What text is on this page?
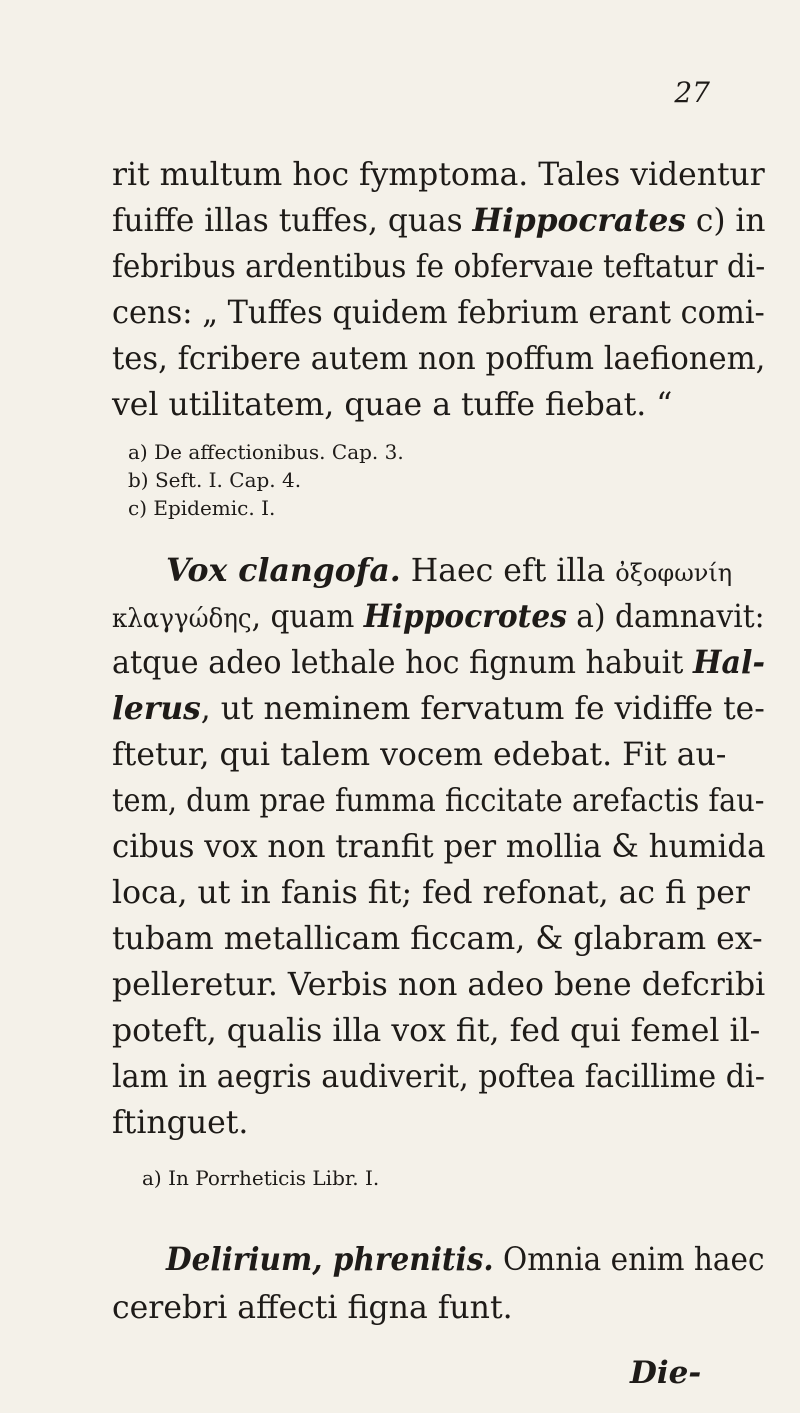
27
rit multum hoc fymptoma. Tales videntur
fuiffe illas tuffes, quas Hippocrates c) in
febribus ardentibus fe obfervaıe teftatur di-
cens: „ Tuffes quidem febrium erant comi-
tes, fcribere autem non poffum laefionem,
vel utilitatem, quae a tuffe fiebat. “
a) De affectionibus. Cap. 3.
b) Seft. I. Cap. 4.
c) Epidemic. I.
Vox clangofa. Haec eft illa ὀξοφωνίη
κλαγγώδης, quam Hippocrotes a) damnavit:
atque adeo lethale hoc fignum habuit Hal-
lerus, ut neminem fervatum fe vidiffe te-
ftetur, qui talem vocem edebat. Fit au-
tem, dum prae fumma ficcitate arefactis fau-
cibus vox non tranfit per mollia & humida
loca, ut in fanis fit; fed refonat, ac fi per
tubam metallicam ficcam, & glabram ex-
pelleretur. Verbis non adeo bene defcribi
poteft, qualis illa vox fit, fed qui femel il-
lam in aegris audiverit, poftea facillime di-
ftinguet.
a) In Porrheticis Libr. I.
Delirium, phrenitis. Omnia enim haec
cerebri affecti figna funt.
Die-
